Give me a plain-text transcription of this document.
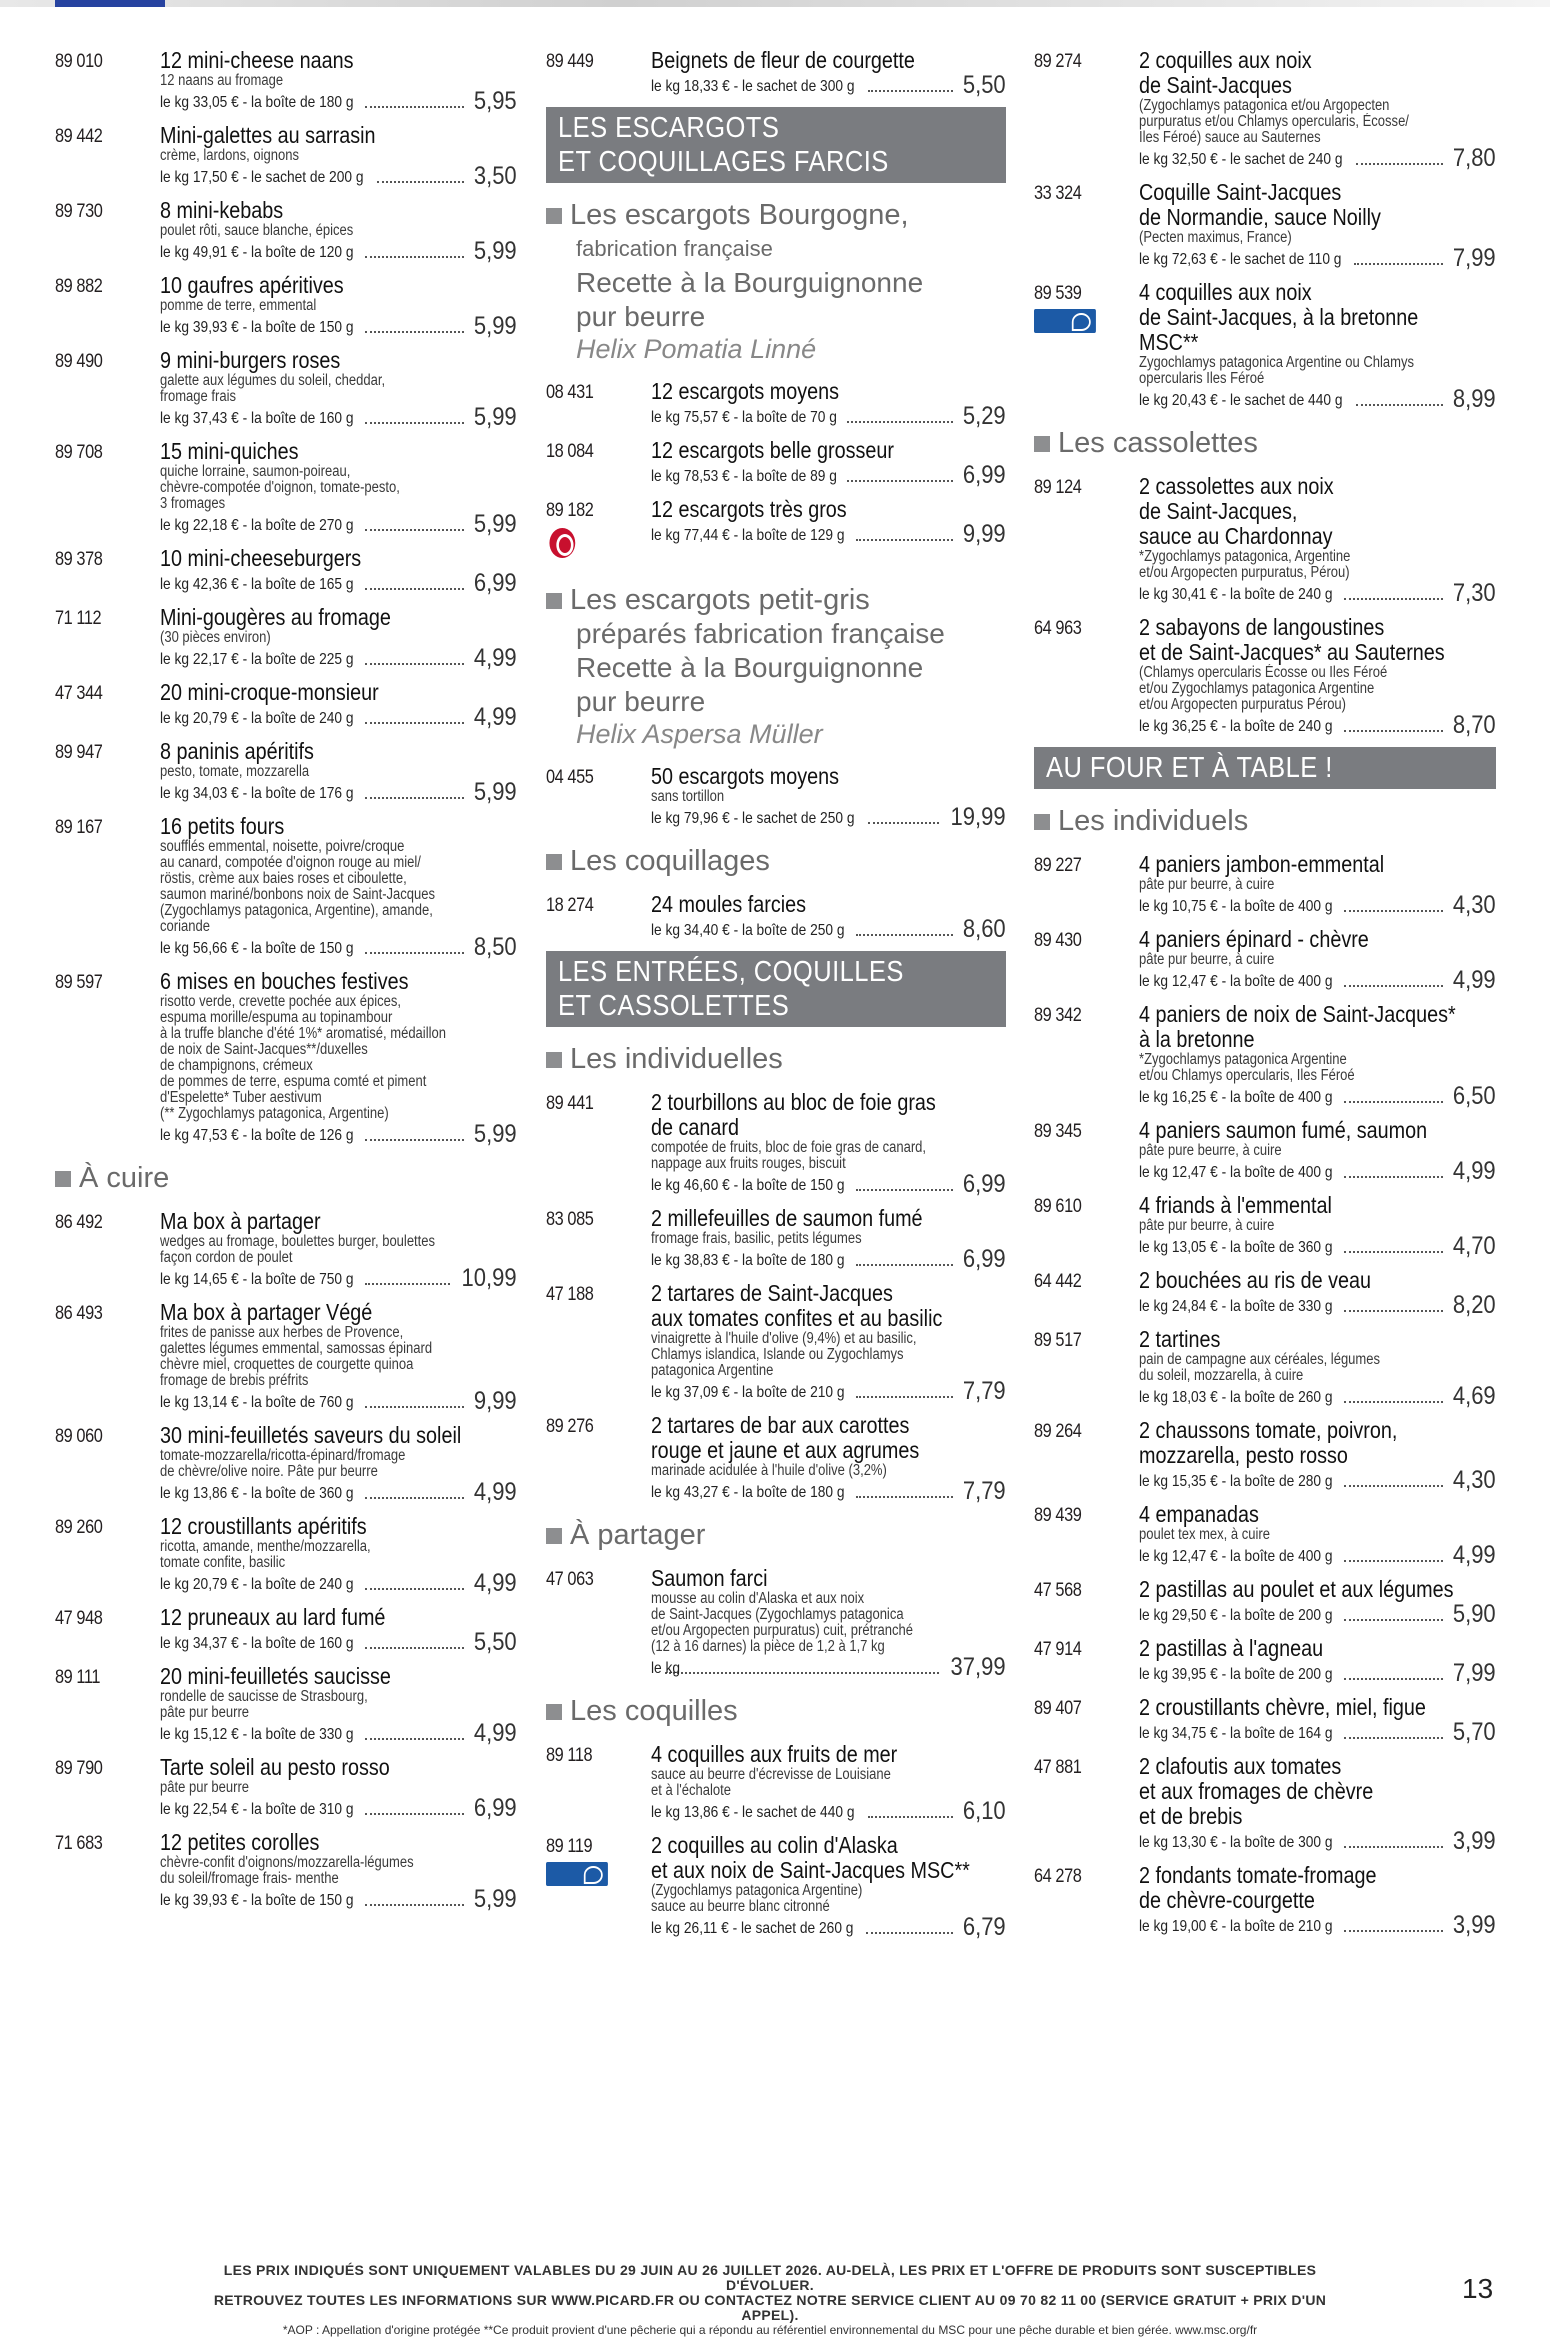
89 010	12 mini-cheese naans
12 naans au fromage
le kg 33,05 € - la boîte de 180 g	5,95
89 442	Mini-galettes au sarrasin
crème, lardons, oignons
le kg 17,50 € - le sachet de 200 g	3,50
89 730	8 mini-kebabs
poulet rôti, sauce blanche, épices
le kg 49,91 € - la boîte de 120 g	5,99
89 882	10 gaufres apéritives
pomme de terre, emmental
le kg 39,93 € - la boîte de 150 g	5,99
89 490	9 mini-burgers roses
galette aux légumes du soleil, cheddar,
fromage frais
le kg 37,43 € - la boîte de 160 g	5,99
89 708	15 mini-quiches
quiche lorraine, saumon-poireau,
chèvre-compotée d'oignon, tomate-pesto,
3 fromages
le kg 22,18 € - la boîte de 270 g	5,99
89 378	10 mini-cheeseburgers
le kg 42,36 € - la boîte de 165 g	6,99
71 112	Mini-gougères au fromage
(30 pièces environ)
le kg 22,17 € - la boîte de 225 g	4,99
47 344	20 mini-croque-monsieur
le kg 20,79 € - la boîte de 240 g	4,99
89 947	8 paninis apéritifs
pesto, tomate, mozzarella
le kg 34,03 € - la boîte de 176 g	5,99
89 167	16 petits fours
soufflés emmental, noisette, poivre/croque
au canard, compotée d'oignon rouge au miel/
röstis, crème aux baies roses et ciboulette,
saumon mariné/bonbons noix de Saint-Jacques
(Zygochlamys patagonica, Argentine), amande,
coriande
le kg 56,66 € - la boîte de 150 g	8,50
89 597	6 mises en bouches festives
risotto verde, crevette pochée aux épices,
espuma morille/espuma au topinambour
à la truffe blanche d'été 1%* aromatisé, médaillon
de noix de Saint-Jacques**/duxelles
de champignons, crémeux
de pommes de terre, espuma comté et piment
d'Espelette* Tuber aestivum
(** Zygochlamys patagonica, Argentine)
le kg 47,53 € - la boîte de 126 g	5,99
À cuire
86 492	Ma box à partager
wedges au fromage, boulettes burger, boulettes
façon cordon de poulet
le kg 14,65 € - la boîte de 750 g	10,99
86 493	Ma box à partager Végé
frites de panisse aux herbes de Provence,
galettes légumes emmental, samossas épinard
chèvre miel, croquettes de courgette quinoa
fromage de brebis préfrits
le kg 13,14 € - la boîte de 760 g	9,99
89 060	30 mini-feuilletés saveurs du soleil
tomate-mozzarella/ricotta-épinard/fromage
de chèvre/olive noire. Pâte pur beurre
le kg 13,86 € - la boîte de 360 g	4,99
89 260	12 croustillants apéritifs
ricotta, amande, menthe/mozzarella,
tomate confite, basilic
le kg 20,79 € - la boîte de 240 g	4,99
47 948	12 pruneaux au lard fumé
le kg 34,37 € - la boîte de 160 g	5,50
89 111	20 mini-feuilletés saucisse
rondelle de saucisse de Strasbourg,
pâte pur beurre
le kg 15,12 € - la boîte de 330 g	4,99
89 790	Tarte soleil au pesto rosso
pâte pur beurre
le kg 22,54 € - la boîte de 310 g	6,99
71 683	12 petites corolles
chèvre-confit d'oignons/mozzarella-légumes
du soleil/fromage frais- menthe
le kg 39,93 € - la boîte de 150 g	5,99
89 449	Beignets de fleur de courgette
le kg 18,33 € - le sachet de 300 g	5,50
LES ESCARGOTS
ET COQUILLAGES FARCIS
Les escargots Bourgogne,
fabrication française
Recette à la Bourguignonne
pur beurre
Helix Pomatia Linné
08 431	12 escargots moyens
le kg 75,57 € - la boîte de 70 g	5,29
18 084	12 escargots belle grosseur
le kg 78,53 € - la boîte de 89 g	6,99
89 182	12 escargots très gros
le kg 77,44 € - la boîte de 129 g	9,99
Les escargots petit-gris
préparés fabrication française
Recette à la Bourguignonne
pur beurre
Helix Aspersa Müller
04 455	50 escargots moyens
sans tortillon
le kg 79,96 € - le sachet de 250 g	19,99
Les coquillages
18 274	24 moules farcies
le kg 34,40 € - la boîte de 250 g	8,60
LES ENTRÉES, COQUILLES
ET CASSOLETTES
Les individuelles
89 441	2 tourbillons au bloc de foie gras
de canard
compotée de fruits, bloc de foie gras de canard,
nappage aux fruits rouges, biscuit
le kg 46,60 € - la boîte de 150 g	6,99
83 085	2 millefeuilles de saumon fumé
fromage frais, basilic, petits légumes
le kg 38,83 € - la boîte de 180 g	6,99
47 188	2 tartares de Saint-Jacques
aux tomates confites et au basilic
vinaigrette à l'huile d'olive (9,4%) et au basilic,
Chlamys islandica, Islande ou Zygochlamys
patagonica Argentine
le kg 37,09 € - la boîte de 210 g	7,79
89 276	2 tartares de bar aux carottes
rouge et jaune et aux agrumes
marinade acidulée à l'huile d'olive (3,2%)
le kg 43,27 € - la boîte de 180 g	7,79
À partager
47 063	Saumon farci
mousse au colin d'Alaska et aux noix
de Saint-Jacques (Zygochlamys patagonica
et/ou Argopecten purpuratus) cuit, prétranché
(12 à 16 darnes) la pièce de 1,2 à 1,7 kg
le kg	37,99
Les coquilles
89 118	4 coquilles aux fruits de mer
sauce au beurre d'écrevisse de Louisiane
et à l'échalote
le kg 13,86 € - le sachet de 440 g	6,10
89 119	2 coquilles au colin d'Alaska
et aux noix de Saint-Jacques MSC**
(Zygochlamys patagonica Argentine)
sauce au beurre blanc citronné
le kg 26,11 € - le sachet de 260 g	6,79
89 274	2 coquilles aux noix
de Saint-Jacques
(Zygochlamys patagonica et/ou Argopecten
purpuratus et/ou Chlamys opercularis, Écosse/
Iles Féroé) sauce au Sauternes
le kg 32,50 € - le sachet de 240 g	7,80
33 324	Coquille Saint-Jacques
de Normandie, sauce Noilly
(Pecten maximus, France)
le kg 72,63 € - le sachet de 110 g	7,99
89 539	4 coquilles aux noix
de Saint-Jacques, à la bretonne
MSC**
Zygochlamys patagonica Argentine ou Chlamys
opercularis Iles Féroé
le kg 20,43 € - le sachet de 440 g	8,99
Les cassolettes
89 124	2 cassolettes aux noix
de Saint-Jacques,
sauce au Chardonnay
*Zygochlamys patagonica, Argentine
et/ou Argopecten purpuratus, Pérou)
le kg 30,41 € - la boîte de 240 g	7,30
64 963	2 sabayons de langoustines
et de Saint-Jacques* au Sauternes
(Chlamys opercularis Écosse ou Iles Féroé
et/ou Zygochlamys patagonica Argentine
et/ou Argopecten purpuratus Pérou)
le kg 36,25 € - la boîte de 240 g	8,70
AU FOUR ET À TABLE !
Les individuels
89 227	4 paniers jambon-emmental
pâte pur beurre, à cuire
le kg 10,75 € - la boîte de 400 g	4,30
89 430	4 paniers épinard - chèvre
pâte pur beurre, à cuire
le kg 12,47 € - la boîte de 400 g	4,99
89 342	4 paniers de noix de Saint-Jacques*
à la bretonne
*Zygochlamys patagonica Argentine
et/ou Chlamys opercularis, Iles Féroé
le kg 16,25 € - la boîte de 400 g	6,50
89 345	4 paniers saumon fumé, saumon
pâte pure beurre, à cuire
le kg 12,47 € - la boîte de 400 g	4,99
89 610	4 friands à l'emmental
pâte pur beurre, à cuire
le kg 13,05 € - la boîte de 360 g	4,70
64 442	2 bouchées au ris de veau
le kg 24,84 € - la boîte de 330 g	8,20
89 517	2 tartines
pain de campagne aux céréales, légumes
du soleil, mozzarella, à cuire
le kg 18,03 € - la boîte de 260 g	4,69
89 264	2 chaussons tomate, poivron,
mozzarella, pesto rosso
le kg 15,35 € - la boîte de 280 g	4,30
89 439	4 empanadas
poulet tex mex, à cuire
le kg 12,47 € - la boîte de 400 g	4,99
47 568	2 pastillas au poulet et aux légumes
le kg 29,50 € - la boîte de 200 g	5,90
47 914	2 pastillas à l'agneau
le kg 39,95 € - la boîte de 200 g	7,99
89 407	2 croustillants chèvre, miel, figue
le kg 34,75 € - la boîte de 164 g	5,70
47 881	2 clafoutis aux tomates
et aux fromages de chèvre
et de brebis
le kg 13,30 € - la boîte de 300 g	3,99
64 278	2 fondants tomate-fromage
de chèvre-courgette
le kg 19,00 € - la boîte de 210 g	3,99
LES PRIX INDIQUÉS SONT UNIQUEMENT VALABLES DU 29 JUIN AU 26 JUILLET 2026. AU-DELÀ, LES PRIX ET L'OFFRE DE PRODUITS SONT SUSCEPTIBLES D'ÉVOLUER.
RETROUVEZ TOUTES LES INFORMATIONS SUR WWW.PICARD.FR OU CONTACTEZ NOTRE SERVICE CLIENT AU 09 70 82 11 00 (SERVICE GRATUIT + PRIX D'UN APPEL).
*AOP : Appellation d'origine protégée **Ce produit provient d'une pêcherie qui a répondu au référentiel environnemental du MSC pour une pêche durable et bien gérée. www.msc.org/fr
13
